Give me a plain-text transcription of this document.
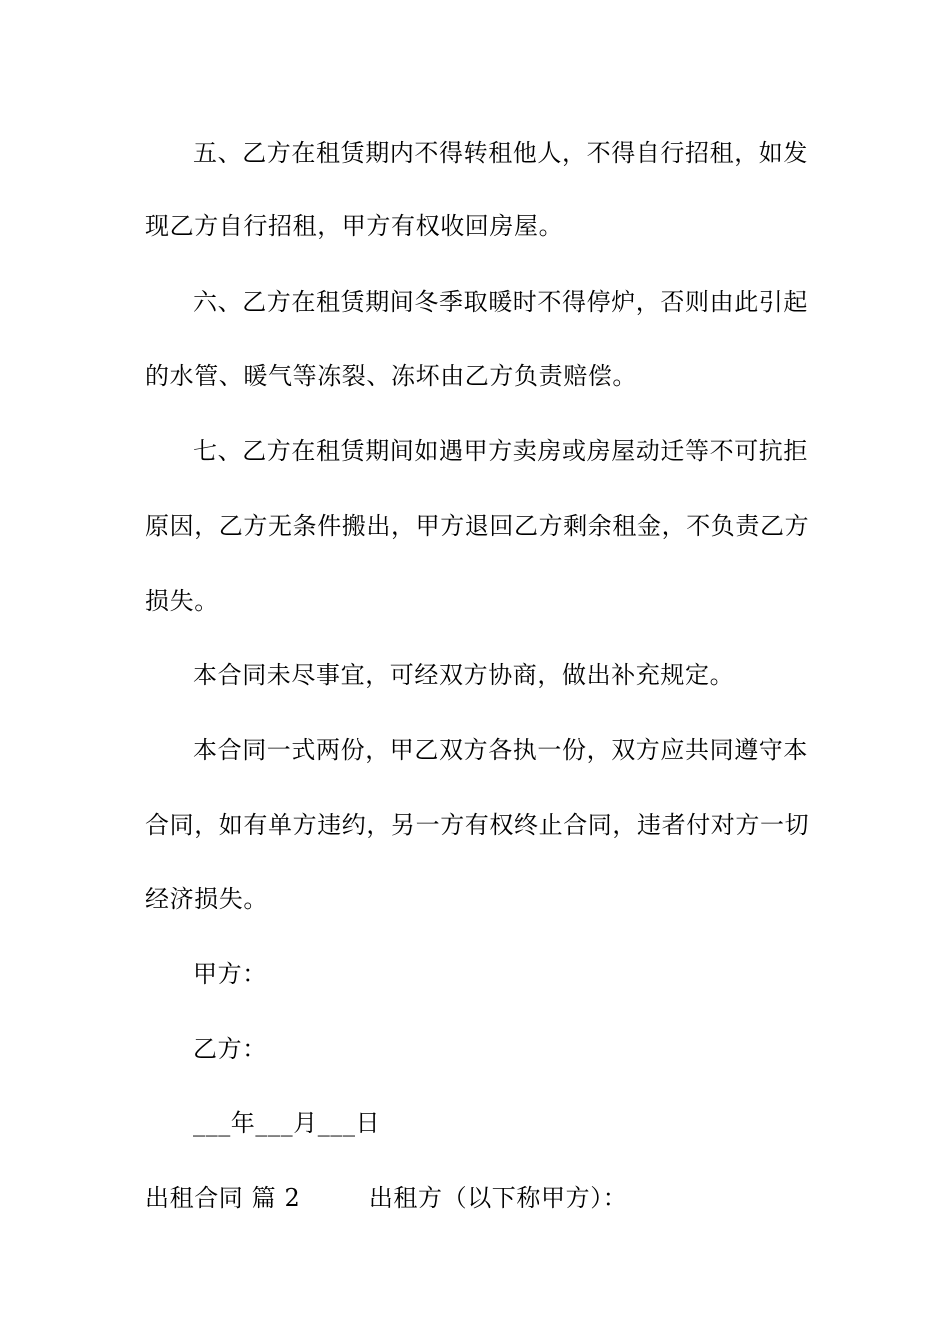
五、乙方在租赁期内不得转租他人，不得自行招租，如发
现乙方自行招租，甲方有权收回房屋。
六、乙方在租赁期间冬季取暖时不得停炉，否则由此引起
的水管、暖气等冻裂、冻坏由乙方负责赔偿。
七、乙方在租赁期间如遇甲方卖房或房屋动迁等不可抗拒
原因，乙方无条件搬出，甲方退回乙方剩余租金，不负责乙方
损失。
本合同未尽事宜，可经双方协商，做出补充规定。
本合同一式两份，甲乙双方各执一份，双方应共同遵守本
合同，如有单方违约，另一方有权终止合同，违者付对方一切
经济损失。
甲方：
乙方：
___年___月___日
出租合同 篇 2	出租方（以下称甲方）：
